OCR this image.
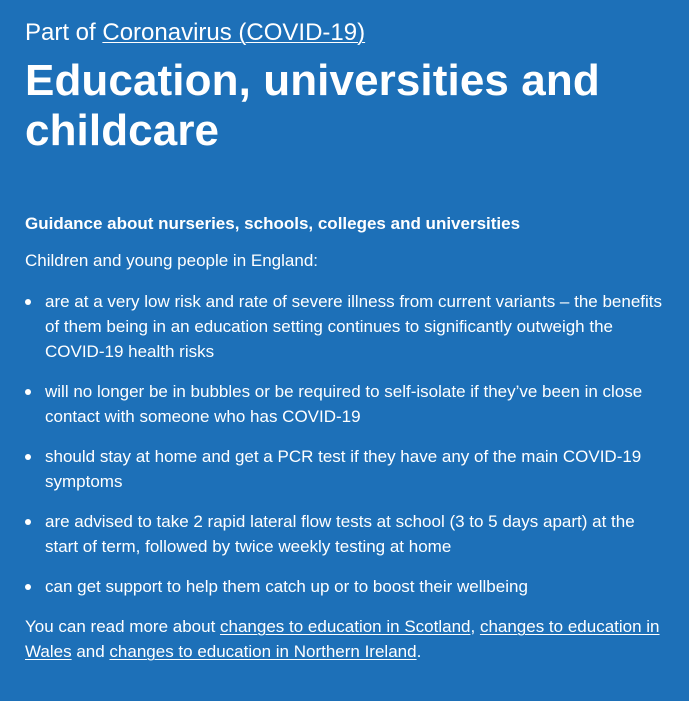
Part of Coronavirus (COVID-19)

Education, universities and childcare

Guidance about nurseries, schools, colleges and universities

Children and young people in England:

are at a very low risk and rate of severe illness from current variants – the benefits of them being in an education setting continues to significantly outweigh the COVID-19 health risks
will no longer be in bubbles or be required to self-isolate if they’ve been in close contact with someone who has COVID-19
should stay at home and get a PCR test if they have any of the main COVID-19 symptoms
are advised to take 2 rapid lateral flow tests at school (3 to 5 days apart) at the start of term, followed by twice weekly testing at home
can get support to help them catch up or to boost their wellbeing

You can read more about changes to education in Scotland, changes to education in Wales and changes to education in Northern Ireland.
